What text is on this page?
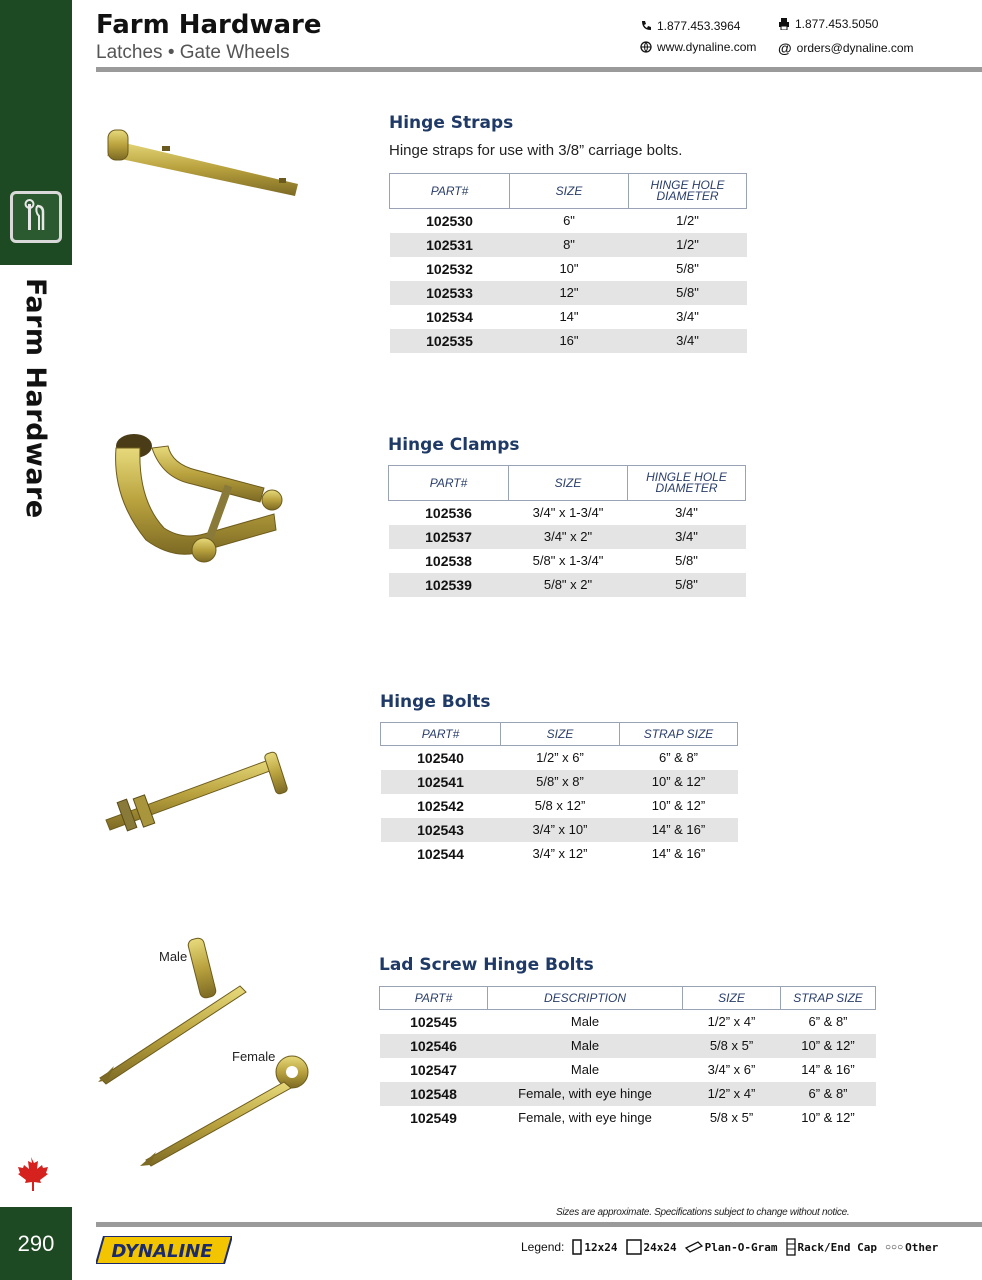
Farm Hardware
290
Farm Hardware
Latches • Gate Wheels
1.877.453.3964	1.877.453.5050
www.dynaline.com @ orders@dynaline.com
Hinge Straps
Hinge straps for use with 3/8” carriage bolts.
PART#	SIZE	HINGE HOLE
DIAMETER
102530	6"	1/2"
102531	8"	1/2"
102532	10"	5/8"
102533	12"	5/8"
102534	14"	3/4"
102535	16"	3/4"
Hinge Clamps
PART#	SIZE	HINGLE HOLE
DIAMETER
102536	3/4" x 1-3/4"	3/4"
102537	3/4" x 2"	3/4"
102538	5/8" x 1-3/4"	5/8"
102539	5/8" x 2"	5/8"
Hinge Bolts
PART#	SIZE	STRAP SIZE
102540	1/2” x 6”	6” & 8”
102541	5/8” x 8”	10” & 12”
102542	5/8 x 12”	10” & 12”
102543	3/4” x 10”	14” & 16”
102544	3/4” x 12”	14” & 16”
Male
Female
Lad Screw Hinge Bolts
PART#	DESCRIPTION	SIZE	STRAP SIZE
102545	Male	1/2” x 4”	6” & 8”
102546	Male	5/8 x 5”	10” & 12”
102547	Male	3/4” x 6”	14” & 16”
102548	Female, with eye hinge	1/2” x 4”	6” & 8”
102549	Female, with eye hinge	5/8 x 5”	10” & 12”
Sizes are approximate. Specifications subject to change without notice.
DYNALINE	Legend: 12x24 24x24	Plan-O-Gram Rack/End Cap ○○○ Other
